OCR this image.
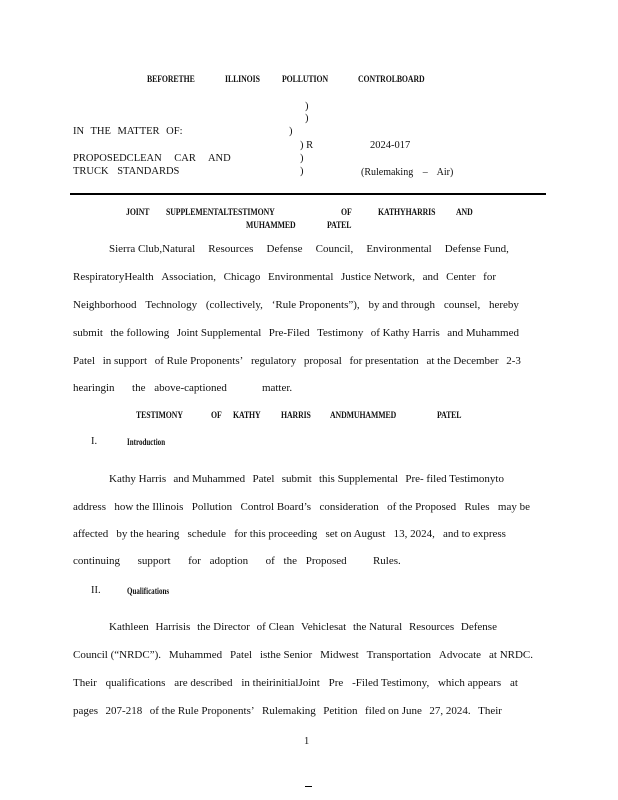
BEFORETHE	ILLINOIS POLLUTION	CONTROLBOARD
)
)
)
)
)
IN THE MATTER OF:
PROPOSEDCLEAN CAR AND
TRUCK STANDARDS
) R	2024-017
(Rulemaking – Air)
JOINT SUPPLEMENTALTESTIMONY	OF	KATHYHARRIS AND
MUHAMMED	PATEL
Sierra Club,Natural Resources Defense Council, Environmental Defense Fund,
RespiratoryHealth Association, Chicago Environmental Justice Network, and Center for
Neighborhood Technology (collectively, ‘Rule Proponents”), by and through counsel, hereby
submit the following Joint Supplemental Pre-Filed Testimony of Kathy Harris and Muhammed
Patel in support of Rule Proponents’ regulatory proposal for presentation at the December 2-3
hearingin
the above-captioned
	matter.
TESTIMONY	OF KATHY HARRIS ANDMUHAMMED	PATEL
I.	Introduction
Kathy Harris and Muhammed Patel submit this Supplemental Pre- filed Testimonyto
address how the Illinois Pollution Control Board’s consideration of the Proposed Rules may be
affected by the hearing schedule for this proceeding set on August 13, 2024, and to express
continuing
support
for adoption
of the Proposed
Rules.
II.	Qualifications
Kathleen Harrisis the Director of Clean Vehiclesat the Natural Resources Defense
Council (“NRDC”). Muhammed Patel isthe Senior Midwest Transportation Advocate at NRDC.
Their qualifications are described in theirinitialJoint Pre -Filed Testimony, which appears at
pages 207-218 of the Rule Proponents’ Rulemaking Petition filed on June 27, 2024. Their
1
